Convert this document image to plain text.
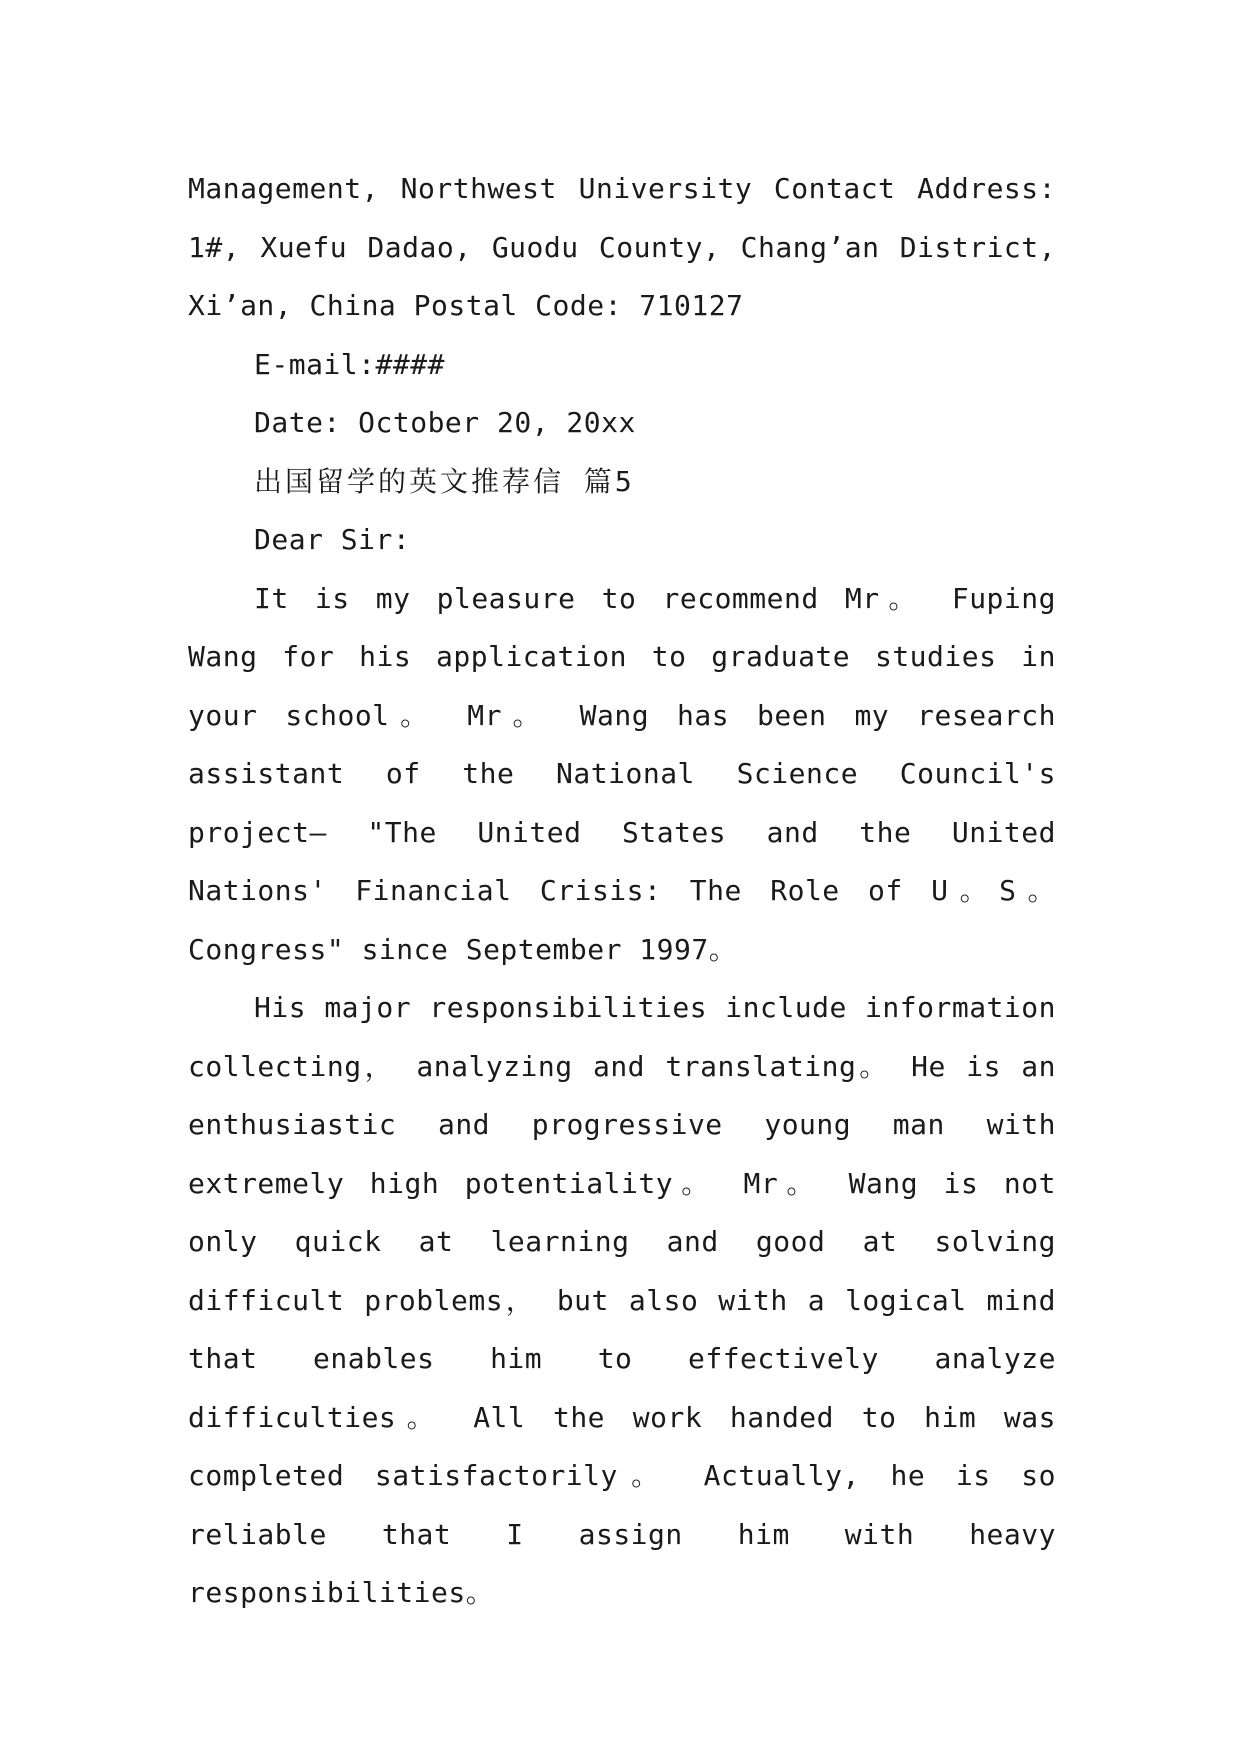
Management, Northwest University Contact Address: 1#, Xuefu Dadao, Guodu County, Chang’an District, Xi’an, China Postal Code: 710127

E-mail:####

Date: October 20, 20xx

出国留学的英文推荐信 篇5

Dear Sir:

It is my pleasure to recommend Mr。 Fuping Wang for his application to graduate studies in your school。 Mr。 Wang has been my research assistant of the National Science Council's project— "The United States and the United Nations' Financial Crisis: The Role of U。S。 Congress" since September 1997。

His major responsibilities include information collecting， analyzing and translating。 He is an enthusiastic and progressive young man with extremely high potentiality。 Mr。 Wang is not only quick at learning and good at solving difficult problems， but also with a logical mind that enables him to effectively analyze difficulties。 All the work handed to him was completed satisfactorily。 Actually, he is so reliable that I assign him with heavy responsibilities。
